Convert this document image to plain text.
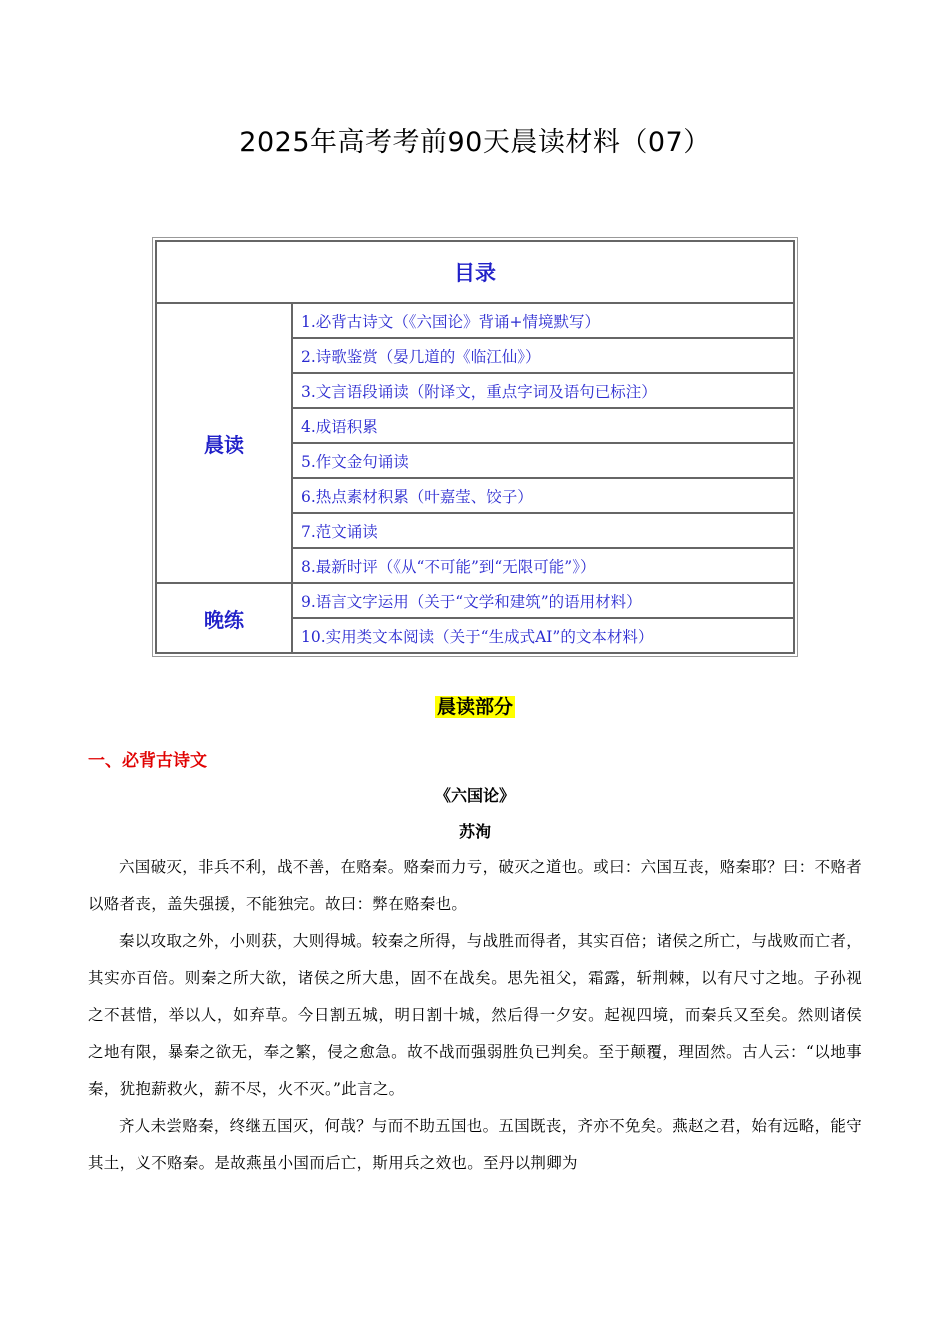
2025年高考考前90天晨读材料（07）
目录	
晨读	1.必背古诗文（《六国论》背诵+情境默写）
	2.诗歌鉴赏（晏几道的《临江仙》）
	3.文言语段诵读（附译文，重点字词及语句已标注）
	4.成语积累
	5.作文金句诵读
	6.热点素材积累（叶嘉莹、饺子）
	7.范文诵读
	8.最新时评（《从“不可能”到“无限可能”》）
晚练	9.语言文字运用（关于“文学和建筑”的语用材料）
	10.实用类文本阅读（关于“生成式AI”的文本材料）
晨读部分
一、必背古诗文
《六国论》
苏洵

六国破灭，非兵不利，战不善，在赂秦。赂秦而力亏，破灭之道也。或曰：六国互丧，赂秦耶？曰：不赂者以赂者丧，盖失强援，不能独完。故曰：弊在赂秦也。

秦以攻取之外，小则获，大则得城。较秦之所得，与战胜而得者，其实百倍；诸侯之所亡，与战败而亡者，其实亦百倍。则秦之所大欲，诸侯之所大患，固不在战矣。思先祖父，霜露，斩荆棘，以有尺寸之地。子孙视之不甚惜，举以人，如弃草。今日割五城，明日割十城，然后得一夕安。起视四境，而秦兵又至矣。然则诸侯之地有限，暴秦之欲无，奉之繁，侵之愈急。故不战而强弱胜负已判矣。至于颠覆，理固然。古人云：“以地事秦，犹抱薪救火，薪不尽，火不灭。”此言之。

齐人未尝赂秦，终继五国灭，何哉？与而不助五国也。五国既丧，齐亦不免矣。燕赵之君，始有远略，能守其土，义不赂秦。是故燕虽小国而后亡，斯用兵之效也。至丹以荆卿为
